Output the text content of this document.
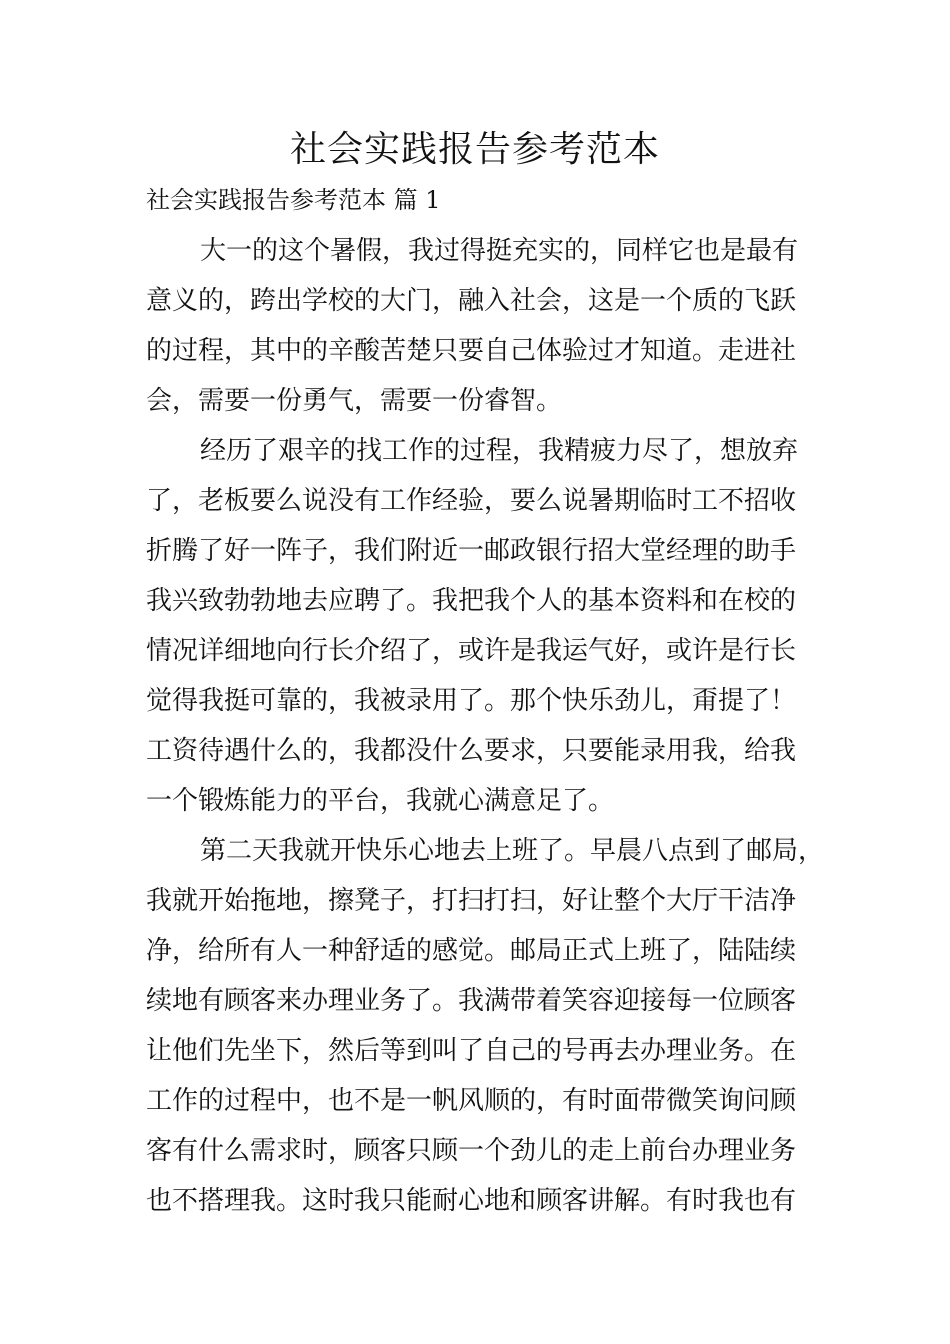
社会实践报告参考范本
社会实践报告参考范本 篇 1
大一的这个暑假，我过得挺充实的，同样它也是最有
意义的，跨出学校的大门，融入社会，这是一个质的飞跃
的过程，其中的辛酸苦楚只要自己体验过才知道。走进社
会，需要一份勇气，需要一份睿智。
经历了艰辛的找工作的过程，我精疲力尽了，想放弃
了，老板要么说没有工作经验，要么说暑期临时工不招收
折腾了好一阵子，我们附近一邮政银行招大堂经理的助手
我兴致勃勃地去应聘了。我把我个人的基本资料和在校的
情况详细地向行长介绍了，或许是我运气好，或许是行长
觉得我挺可靠的，我被录用了。那个快乐劲儿，甭提了！
工资待遇什么的，我都没什么要求，只要能录用我，给我
一个锻炼能力的平台，我就心满意足了。
第二天我就开快乐心地去上班了。早晨八点到了邮局，
我就开始拖地，擦凳子，打扫打扫，好让整个大厅干洁净
净，给所有人一种舒适的感觉。邮局正式上班了，陆陆续
续地有顾客来办理业务了。我满带着笑容迎接每一位顾客
让他们先坐下，然后等到叫了自己的号再去办理业务。在
工作的过程中，也不是一帆风顺的，有时面带微笑询问顾
客有什么需求时，顾客只顾一个劲儿的走上前台办理业务
也不搭理我。这时我只能耐心地和顾客讲解。有时我也有
